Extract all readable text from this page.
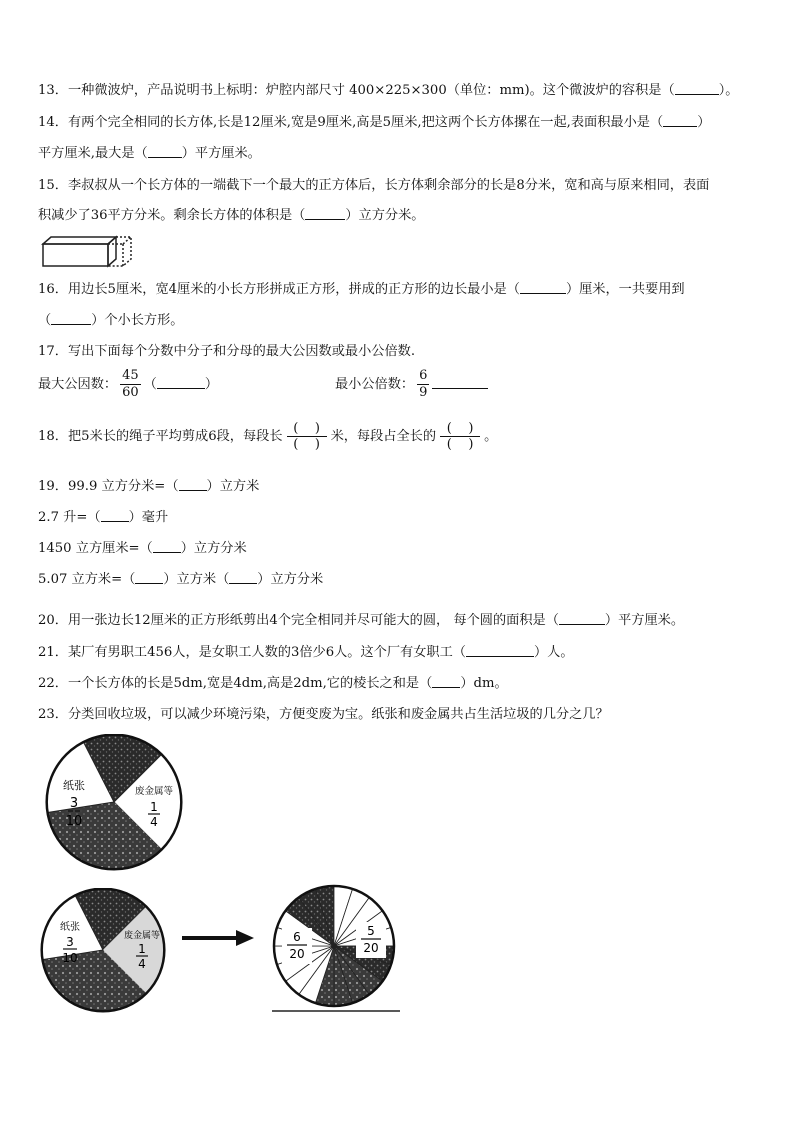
13．一种微波炉，产品说明书上标明：炉腔内部尺寸 400×225×300（单位：mm)。这个微波炉的容积是（	）。
14．有两个完全相同的长方体,长是12厘米,宽是9厘米,高是5厘米,把这两个长方体摞在一起,表面积最小是（	）
平方厘米,最大是（	）平方厘米。
15．李叔叔从一个长方体的一端截下一个最大的正方体后，长方体剩余部分的长是8分米，宽和高与原来相同，表面
积减少了36平方分米。剩余长方体的体积是（	）立方分米。
16．用边长5厘米，宽4厘米的小长方形拼成正方形，拼成的正方形的边长最小是（	）厘米，一共要用到
（	）个小长方形。
17．写出下面每个分数中分子和分母的最大公因数或最小公倍数.
最大公因数： $\frac{45}{60}$ （	）	最小公倍数： $\frac{6}{9}$
18．把5米长的绳子平均剪成6段，每段长 $\frac{( )}{( )}$ 米，每段占全长的 $\frac{( )}{( )}$ 。
19．99.9 立方分米=（ ）立方米
2.7 升=（ ）毫升
1450 立方厘米=（ ）立方分米
5.07 立方米=（ ）立方米（ ）立方分米
20．用一张边长12厘米的正方形纸剪出4个完全相同并尽可能大的圆， 每个圆的面积是（	）平方厘米。
21．某厂有男职工456人，是女职工人数的3倍少6人。这个厂有女职工（	）人。
22．一个长方体的长是5dm,宽是4dm,高是2dm,它的棱长之和是（ ）dm。
23．分类回收垃圾，可以减少环境污染，方便变废为宝。纸张和废金属共占生活垃圾的几分之几？
纸张
3
10
废金属等
1
4
纸张
3
10
废金属等
1
4
6
20
5
20
